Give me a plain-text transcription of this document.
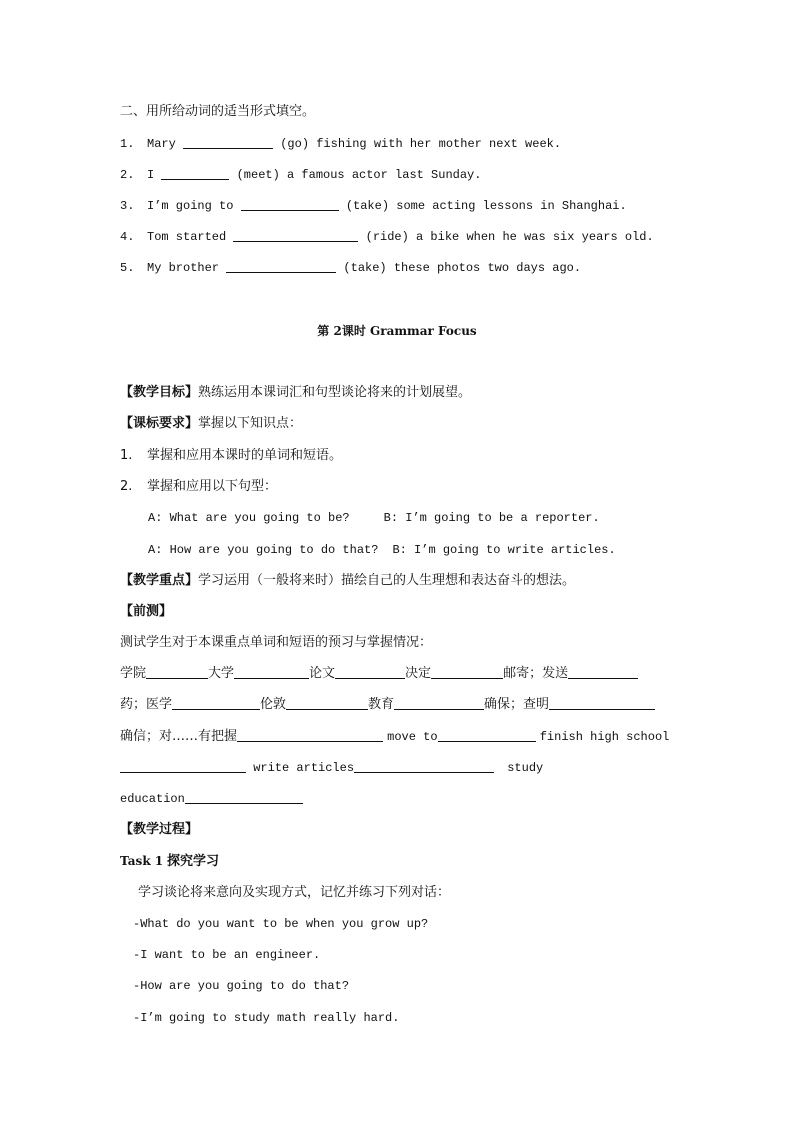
二、用所给动词的适当形式填空。
1. Mary	(go) fishing with her mother next week.
2. I	(meet) a famous actor last Sunday.
3. I’m going to	(take) some acting lessons in Shanghai.
4. Tom started	(ride) a bike when he was six years old.
5. My brother	(take) these photos two days ago.
第 2课时 Grammar Focus
【教学目标】熟练运用本课词汇和句型谈论将来的计划展望。
【课标要求】掌握以下知识点：
1. 掌握和应用本课时的单词和短语。
2. 掌握和应用以下句型：
A: What are you going to be?	B: I’m going to be a reporter.
A: How are you going to do that? B: I’m going to write articles.
【教学重点】学习运用（一般将来时）描绘自己的人生理想和表达奋斗的想法。
【前测】
测试学生对于本课重点单词和短语的预习与掌握情况：
学院	大学	论文	决定	邮寄；发送
药；医学	伦敦	教育	确保；查明
确信；对……有把握	move to	finish high school
write articles	study
education
【教学过程】
Task 1 探究学习
学习谈论将来意向及实现方式，记忆并练习下列对话：
-What do you want to be when you grow up?
-I want to be an engineer.
-How are you going to do that?
-I’m going to study math really hard.
